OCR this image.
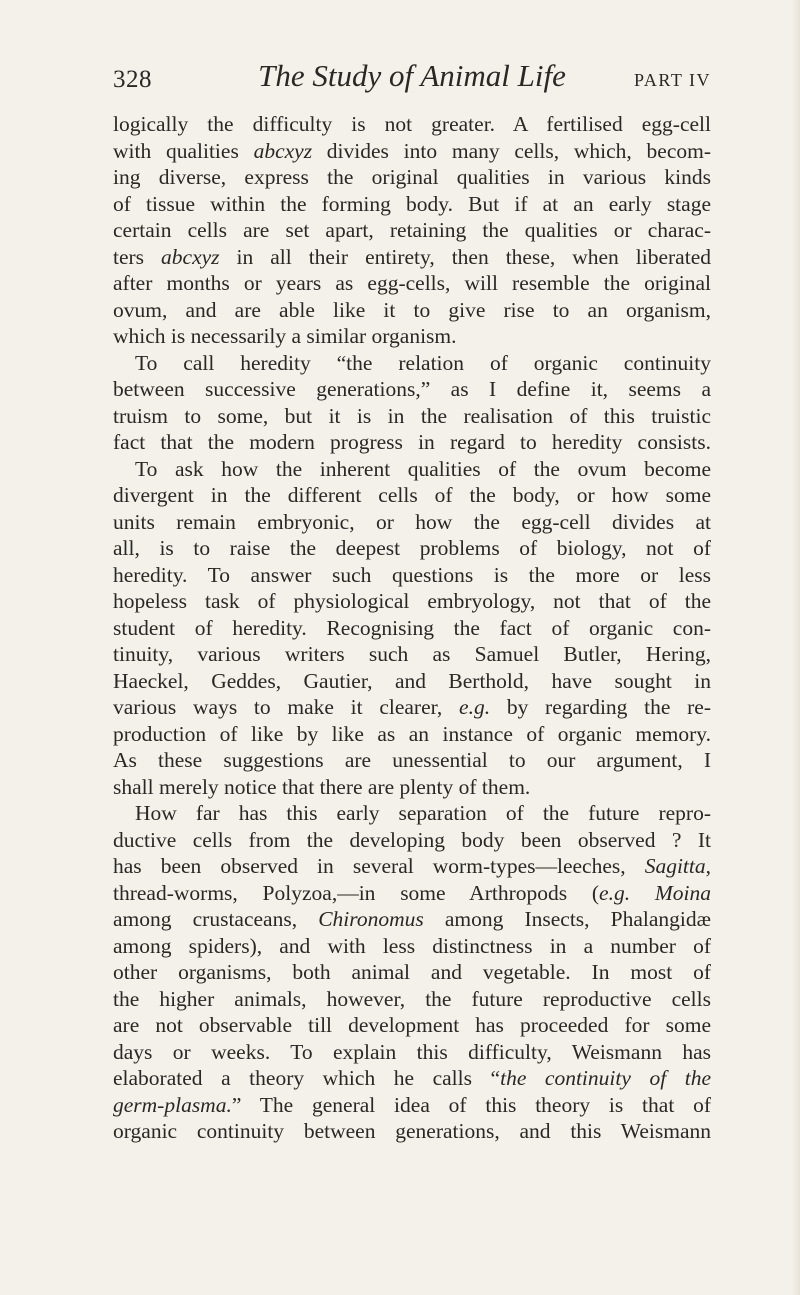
328	The Study of Animal Life	PART IV
logically the difficulty is not greater. A fertilised egg-cell
with qualities abcxyz divides into many cells, which, becom-
ing diverse, express the original qualities in various kinds
of tissue within the forming body. But if at an early stage
certain cells are set apart, retaining the qualities or charac-
ters abcxyz in all their entirety, then these, when liberated
after months or years as egg-cells, will resemble the original
ovum, and are able like it to give rise to an organism,
which is necessarily a similar organism.
To call heredity “the relation of organic continuity
between successive generations,” as I define it, seems a
truism to some, but it is in the realisation of this truistic
fact that the modern progress in regard to heredity consists.
To ask how the inherent qualities of the ovum become
divergent in the different cells of the body, or how some
units remain embryonic, or how the egg-cell divides at
all, is to raise the deepest problems of biology, not of
heredity. To answer such questions is the more or less
hopeless task of physiological embryology, not that of the
student of heredity. Recognising the fact of organic con-
tinuity, various writers such as Samuel Butler, Hering,
Haeckel, Geddes, Gautier, and Berthold, have sought in
various ways to make it clearer, e.g. by regarding the re-
production of like by like as an instance of organic memory.
As these suggestions are unessential to our argument, I
shall merely notice that there are plenty of them.
How far has this early separation of the future repro-
ductive cells from the developing body been observed ? It
has been observed in several worm-types—leeches, Sagitta,
thread-worms, Polyzoa,—in some Arthropods (e.g. Moina
among crustaceans, Chironomus among Insects, Phalangidæ
among spiders), and with less distinctness in a number of
other organisms, both animal and vegetable. In most of
the higher animals, however, the future reproductive cells
are not observable till development has proceeded for some
days or weeks. To explain this difficulty, Weismann has
elaborated a theory which he calls “the continuity of the
germ-plasma.” The general idea of this theory is that of
organic continuity between generations, and this Weismann
